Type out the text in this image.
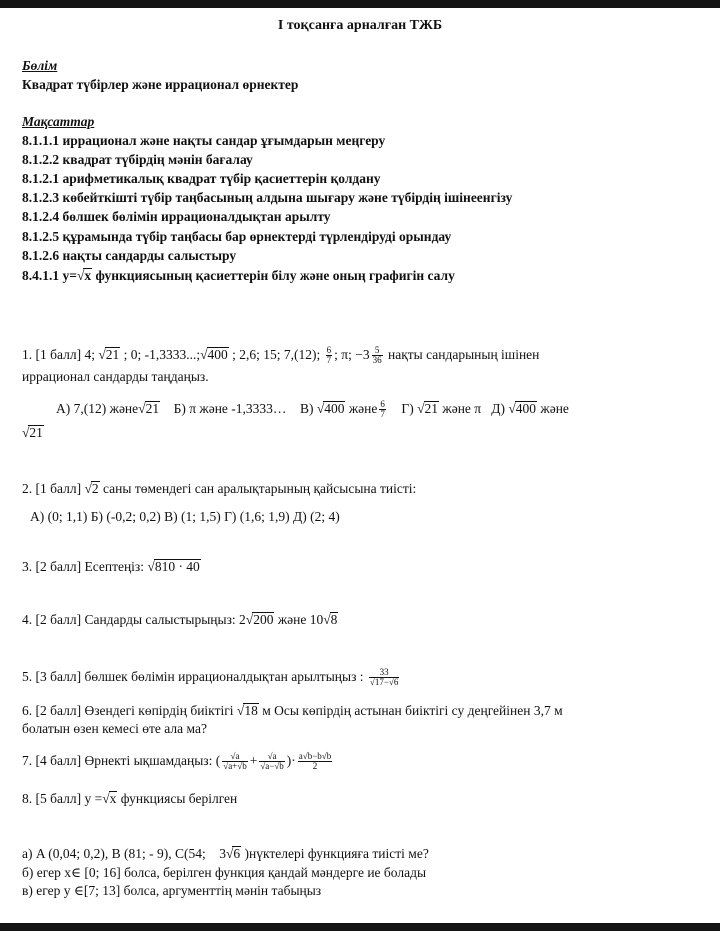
I тоқсанға арналған ТЖБ
Бөлім
Квадрат түбірлер және иррационал өрнектер
Мақсаттар
8.1.1.1 иррационал және нақты сандар ұғымдарын меңгеру
8.1.2.2 квадрат түбірдің мәнін бағалау
8.1.2.1 арифметикалық квадрат түбір қасиеттерін қолдану
8.1.2.3 көбейткішті түбір таңбасының алдына шығару және түбірдің ішінеенгізу
8.1.2.4 бөлшек бөлімін иррационалдықтан арылту
8.1.2.5 құрамында түбір таңбасы бар өрнектерді түрлендіруді орындау
8.1.2.6 нақты сандарды салыстыру
8.4.1.1 y=√x функциясының қасиеттерін білу және оның графигін салу
1. [1 балл] 4; √21 ; 0; -1,3333...;√400 ; 2,6; 15; 7,(12); $\frac{6}{7}$ ; π; $-3 \frac{5}{36}$ нақты сандарының ішінен
иррационал сандарды таңдаңыз.
А) 7,(12) және√21 Б) π және -1,3333… В) √400 және $\frac{6}{7} Г$) √21 және π Д) √400 және
√21
2. [1 балл] √2 саны төмендегі сан аралықтарының қайсысына тиісті:
А) (0; 1,1) Б) (-0,2; 0,2) В) (1; 1,5) Г) (1,6; 1,9) Д) (2; 4)
3. [2 балл] Есептеңіз: √810 · 40
4. [2 балл] Сандарды салыстырыңыз: 2√200 және 10√8
5. [3 балл] бөлшек бөлімін иррационалдықтан арылтыңыз : $\frac{33}{√17-√6}$
6. [2 балл] Өзендегі көпірдің биіктігі √18 м Осы көпірдің астынан биіктігі су деңгейінен 3,7 м
болатын өзен кемесі өте ала ма?
7. [4 балл] Өрнекті ықшамдаңыз: ( $\frac{√a}{√a+√b} + \frac{√a}{√a-√b}$ )· $\frac{a√b-b√b}{2}$
8. [5 балл] y =√x функциясы берілген
а) A (0,04; 0,2), B (81; - 9), C(54; 3√6 )нүктелері функцияға тиісті ме?
б) егер x∈ [0; 16] болса, берілген функция қандай мәндерге ие болады
в) егер y ∈[7; 13] болса, аргументтің мәнін табыңыз
